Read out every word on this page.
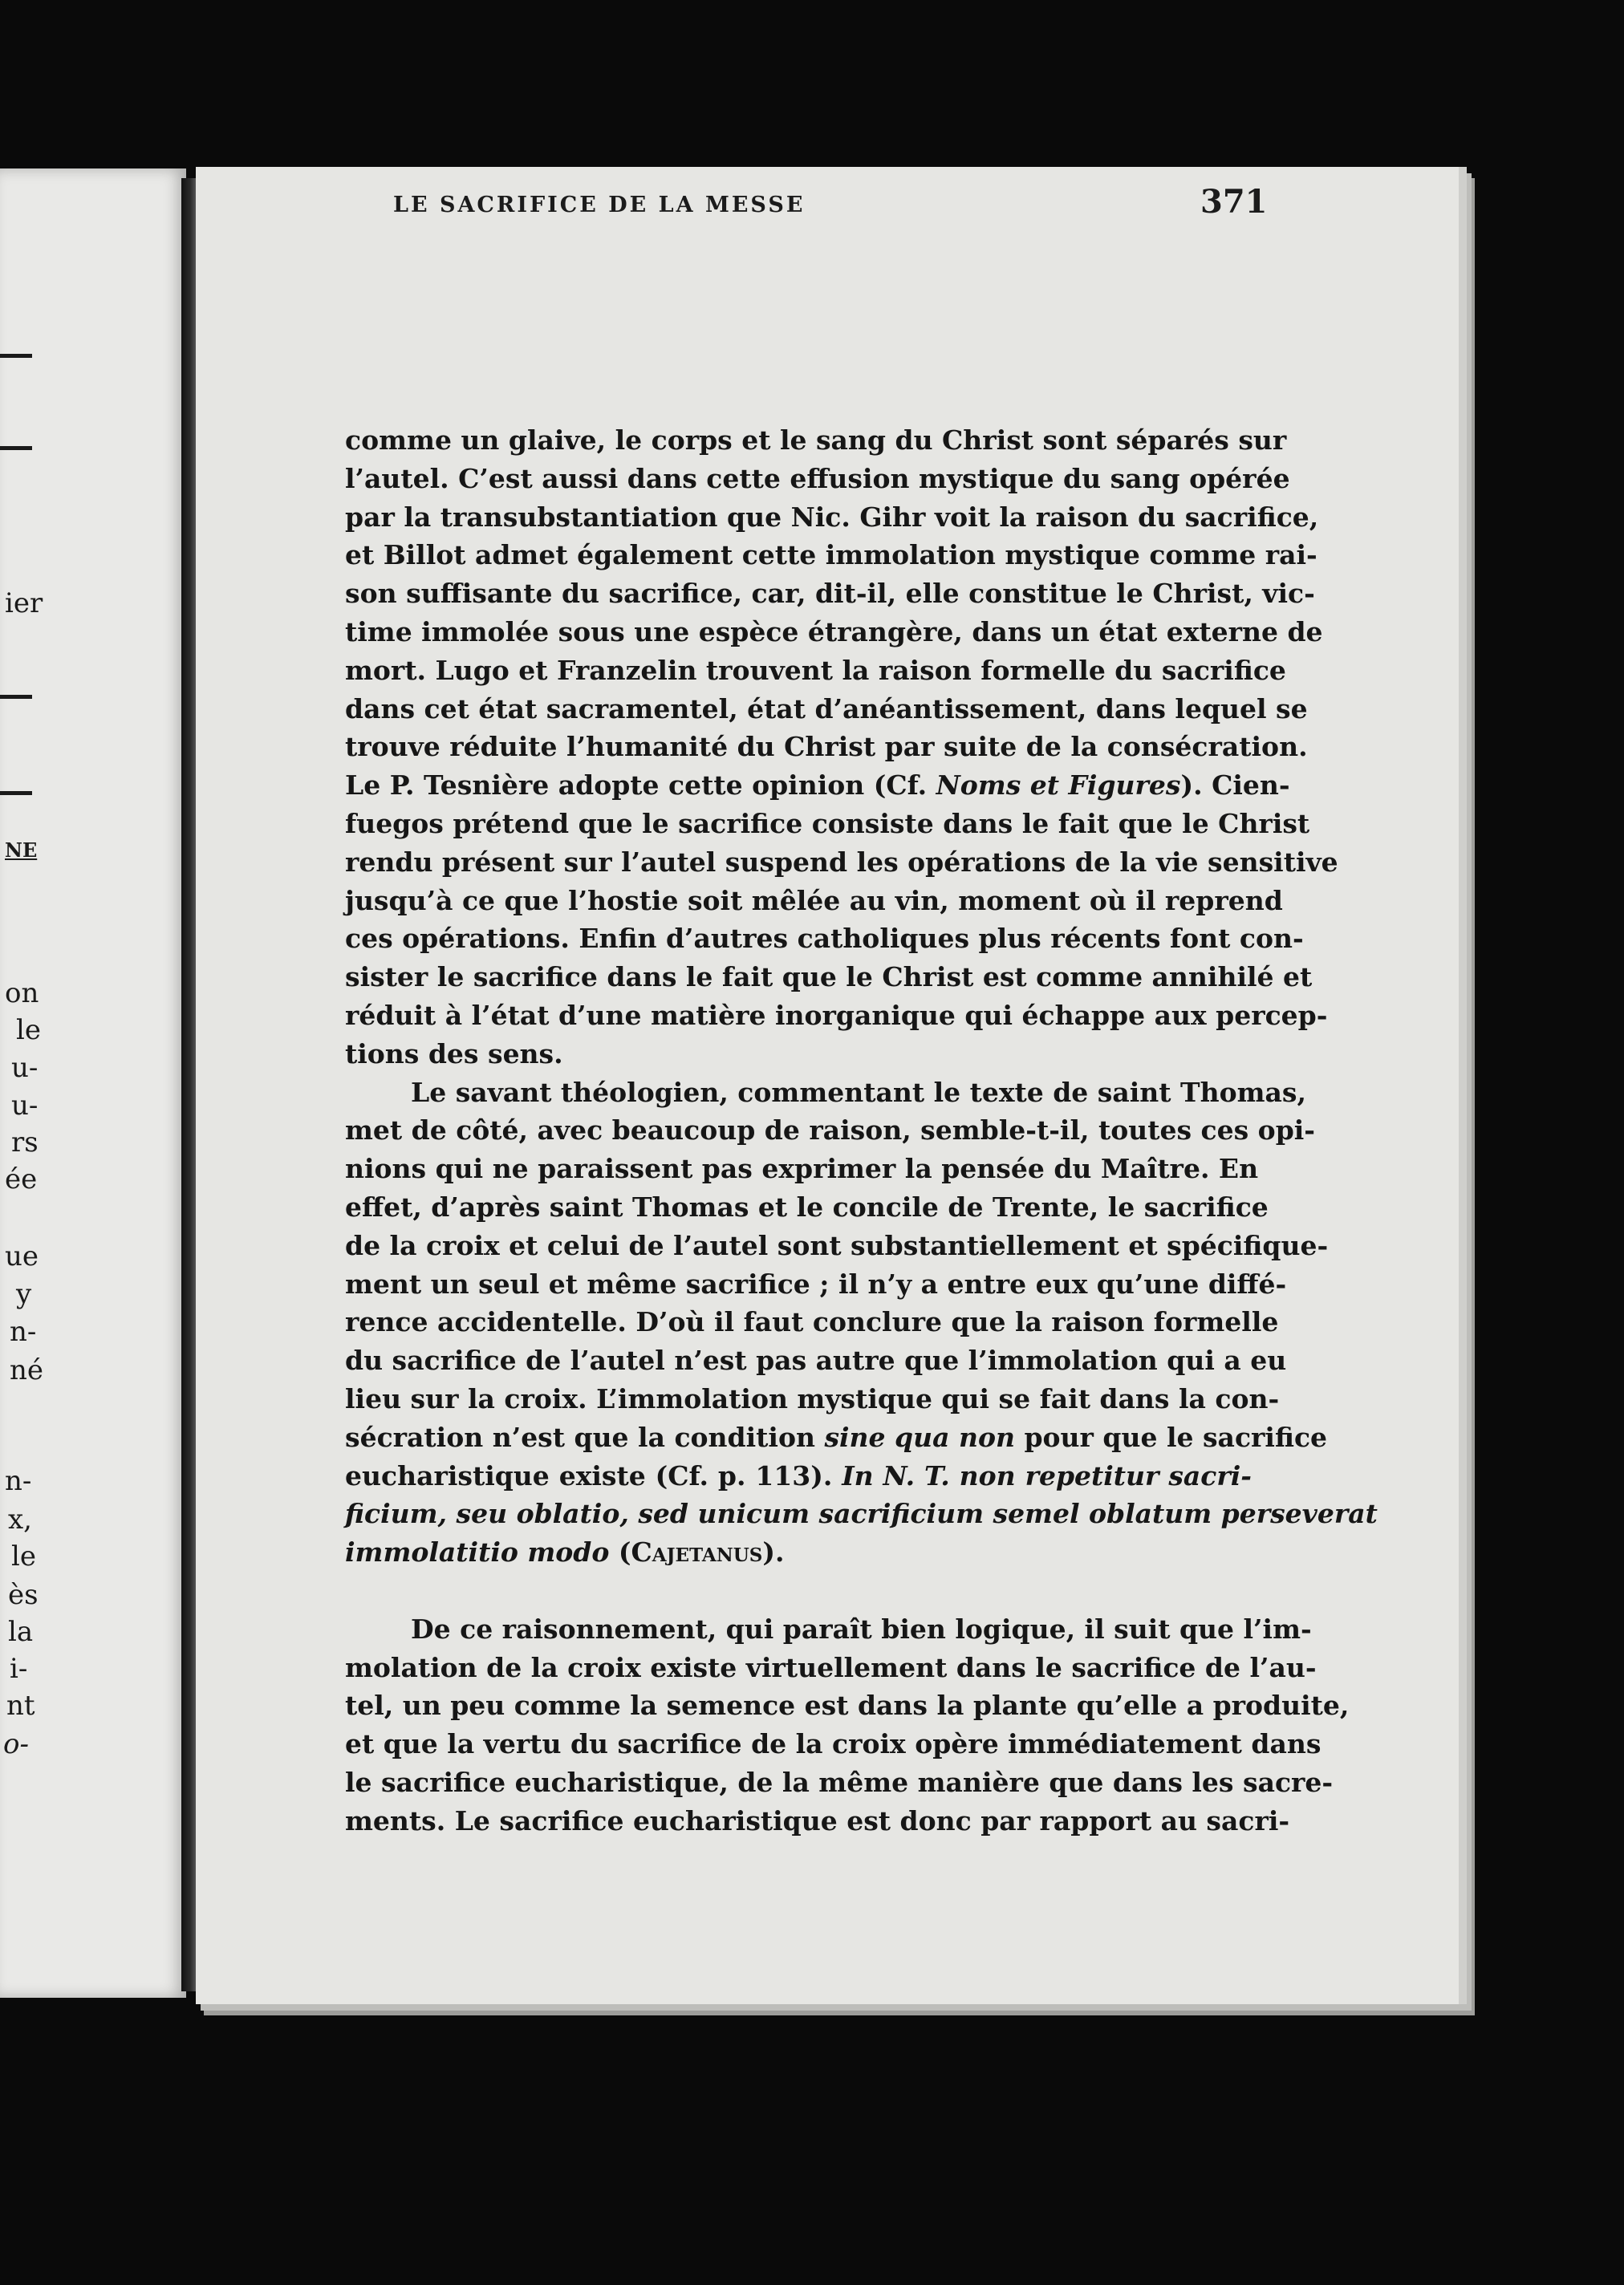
ier
NE
on
le
u-
u-
rs
ée
ue
y
n-
né
n-
x,
le
ès
la
i-
nt
o-
LE SACRIFICE DE LA MESSE	371
comme un glaive, le corps et le sang du Christ sont séparés sur
l’autel. C’est aussi dans cette effusion mystique du sang opérée
par la transubstantiation que Nic. Gihr voit la raison du sacrifice,
et Billot admet également cette immolation mystique comme rai-
son suffisante du sacrifice, car, dit-il, elle constitue le Christ, vic-
time immolée sous une espèce étrangère, dans un état externe de
mort. Lugo et Franzelin trouvent la raison formelle du sacrifice
dans cet état sacramentel, état d’anéantissement, dans lequel se
trouve réduite l’humanité du Christ par suite de la consécration.
Le P. Tesnière adopte cette opinion (Cf. Noms et Figures). Cien-
fuegos prétend que le sacrifice consiste dans le fait que le Christ
rendu présent sur l’autel suspend les opérations de la vie sensitive
jusqu’à ce que l’hostie soit mêlée au vin, moment où il reprend
ces opérations. Enfin d’autres catholiques plus récents font con-
sister le sacrifice dans le fait que le Christ est comme annihilé et
réduit à l’état d’une matière inorganique qui échappe aux percep-
tions des sens.
Le savant théologien, commentant le texte de saint Thomas,
met de côté, avec beaucoup de raison, semble-t-il, toutes ces opi-
nions qui ne paraissent pas exprimer la pensée du Maître. En
effet, d’après saint Thomas et le concile de Trente, le sacrifice
de la croix et celui de l’autel sont substantiellement et spécifique-
ment un seul et même sacrifice ; il n’y a entre eux qu’une diffé-
rence accidentelle. D’où il faut conclure que la raison formelle
du sacrifice de l’autel n’est pas autre que l’immolation qui a eu
lieu sur la croix. L’immolation mystique qui se fait dans la con-
sécration n’est que la condition sine qua non pour que le sacrifice
eucharistique existe (Cf. p. 113). In N. T. non repetitur sacri-
ficium, seu oblatio, sed unicum sacrificium semel oblatum perseverat
immolatitio modo (Cajetanus).
De ce raisonnement, qui paraît bien logique, il suit que l’im-
molation de la croix existe virtuellement dans le sacrifice de l’au-
tel, un peu comme la semence est dans la plante qu’elle a produite,
et que la vertu du sacrifice de la croix opère immédiatement dans
le sacrifice eucharistique, de la même manière que dans les sacre-
ments. Le sacrifice eucharistique est donc par rapport au sacri-
